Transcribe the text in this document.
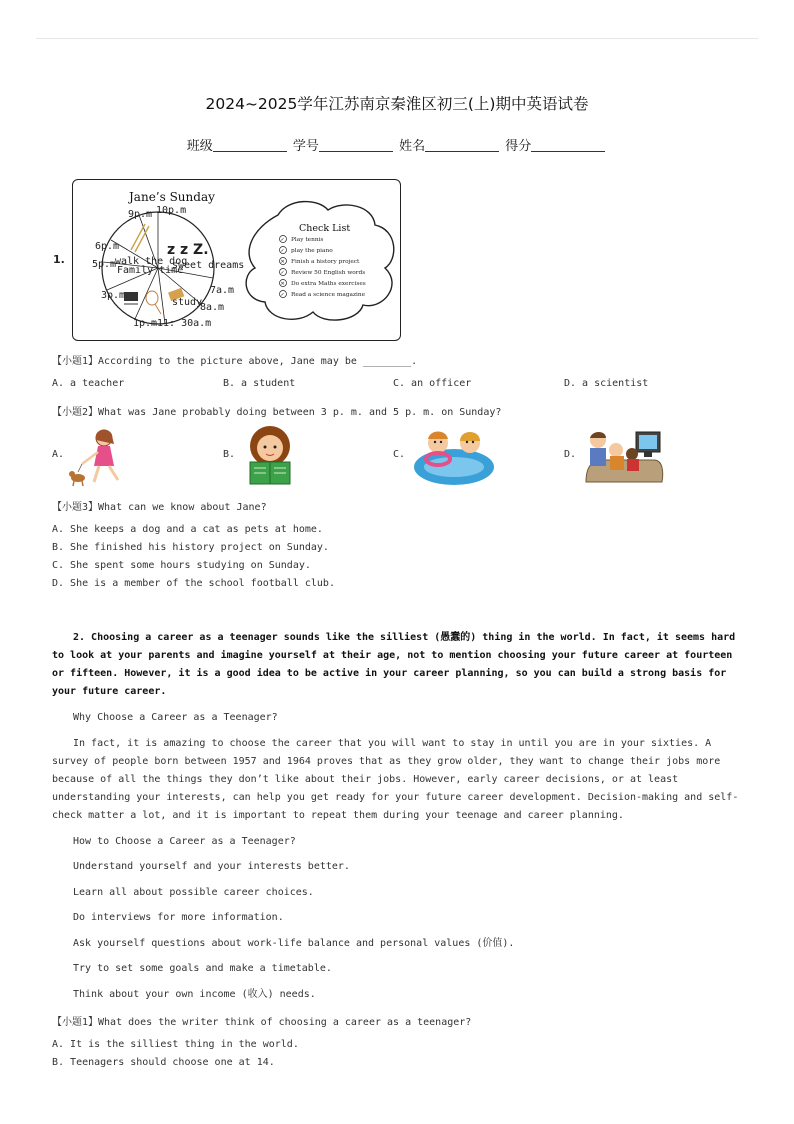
2024~2025学年江苏南京秦淮区初三(上)期中英语试卷
班级	学号	姓名	得分
1.
Jane’s Sunday
10p.m
9p.m
6p.m
5p.m
3p.m
1p.m 11: 30a.m
8a.m
7a.m
walk the dog
Family time
sweet dreams
study
z z Z.
Check List
✓ Play tennis
✓ play the piano
✕ Finish a history project
✓ Review 50 English words
✕ Do extra Maths exercises
✓ Read a science magazine
【小题1】According to the picture above, Jane may be ________.
A. a teacher	B. a student	C. an officer	D. a scientist
【小题2】What was Jane probably doing between 3 p. m. and 5 p. m. on Sunday?
A.	B.	C.	D.
【小题3】What can we know about Jane?
A. She keeps a dog and a cat as pets at home.
B. She finished his history project on Sunday.
C. She spent some hours studying on Sunday.
D. She is a member of the school football club.
2. Choosing a career as a teenager sounds like the silliest (愚蠢的) thing in the world. In fact, it seems hard to look at your parents and imagine yourself at their age, not to mention choosing your future career at fourteen or fifteen. However, it is a good idea to be active in your career planning, so you can build a strong basis for your future career.
Why Choose a Career as a Teenager?
In fact, it is amazing to choose the career that you will want to stay in until you are in your sixties. A survey of people born between 1957 and 1964 proves that as they grow older, they want to change their jobs more because of all the things they don’t like about their jobs. However, early career decisions, or at least understanding your interests, can help you get ready for your future career development. Decision-making and self-check matter a lot, and it is important to repeat them during your teenage and career planning.
How to Choose a Career as a Teenager?
Understand yourself and your interests better.
Learn all about possible career choices.
Do interviews for more information.
Ask yourself questions about work-life balance and personal values (价值).
Try to set some goals and make a timetable.
Think about your own income (收入) needs.
【小题1】What does the writer think of choosing a career as a teenager?
A. It is the silliest thing in the world.
B. Teenagers should choose one at 14.
